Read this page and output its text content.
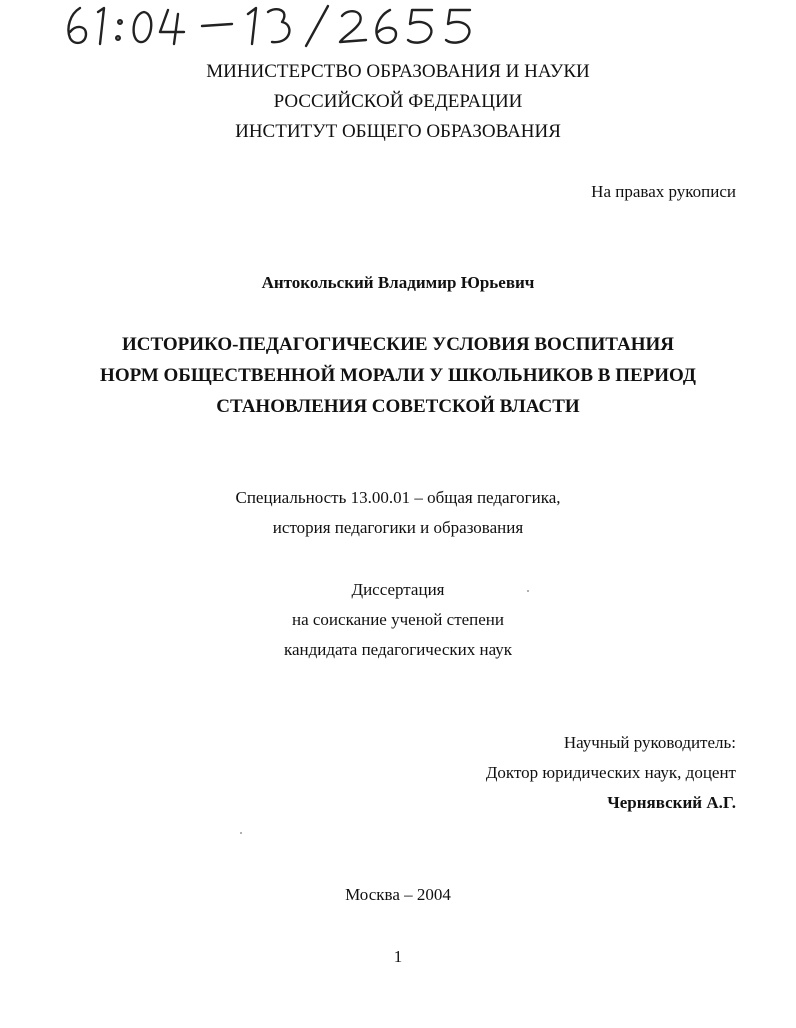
МИНИСТЕРСТВО ОБРАЗОВАНИЯ И НАУКИ
РОССИЙСКОЙ ФЕДЕРАЦИИ
ИНСТИТУТ ОБЩЕГО ОБРАЗОВАНИЯ
На правах рукописи
Антокольский Владимир Юрьевич
ИСТОРИКО-ПЕДАГОГИЧЕСКИЕ УСЛОВИЯ ВОСПИТАНИЯ
НОРМ ОБЩЕСТВЕННОЙ МОРАЛИ У ШКОЛЬНИКОВ В ПЕРИОД
СТАНОВЛЕНИЯ СОВЕТСКОЙ ВЛАСТИ
Специальность 13.00.01 – общая педагогика,
история педагогики и образования
Диссертация
на соискание ученой степени
кандидата педагогических наук
Научный руководитель:
Доктор юридических наук, доцент
Чернявский А.Г.
Москва – 2004
1
